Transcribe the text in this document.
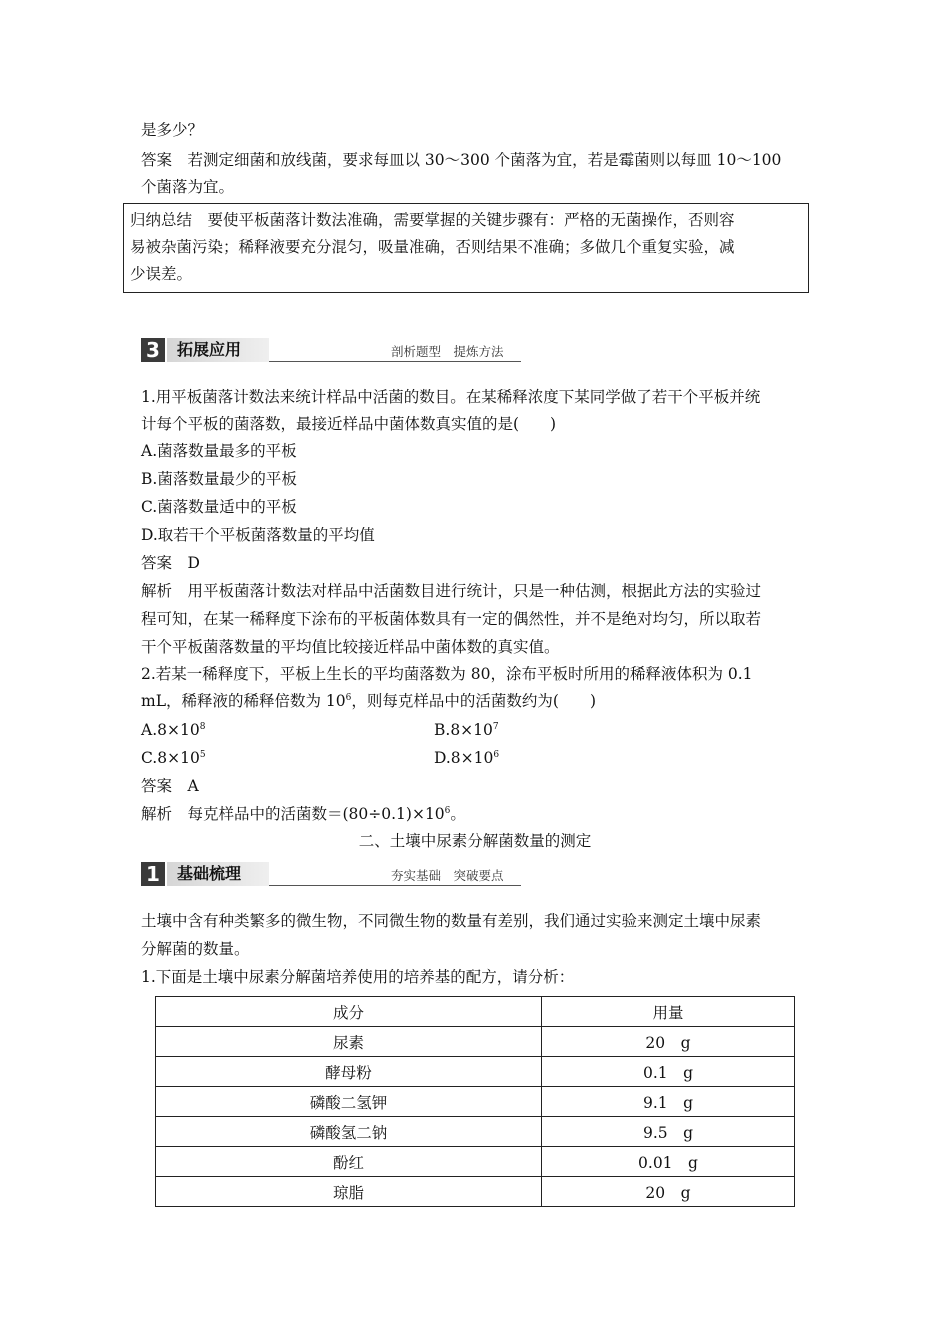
是多少？
答案　若测定细菌和放线菌，要求每皿以 30～300 个菌落为宜，若是霉菌则以每皿 10～100
个菌落为宜。
归纳总结　要使平板菌落计数法准确，需要掌握的关键步骤有：严格的无菌操作，否则容
易被杂菌污染；稀释液要充分混匀，吸量准确，否则结果不准确；多做几个重复实验，减
少误差。
3	拓展应用	剖析题型　提炼方法
1.用平板菌落计数法来统计样品中活菌的数目。在某稀释浓度下某同学做了若干个平板并统
计每个平板的菌落数，最接近样品中菌体数真实值的是(　　)
A.菌落数量最多的平板
B.菌落数量最少的平板
C.菌落数量适中的平板
D.取若干个平板菌落数量的平均值
答案　D
解析　用平板菌落计数法对样品中活菌数目进行统计，只是一种估测，根据此方法的实验过
程可知，在某一稀释度下涂布的平板菌体数具有一定的偶然性，并不是绝对均匀，所以取若
干个平板菌落数量的平均值比较接近样品中菌体数的真实值。
2.若某一稀释度下，平板上生长的平均菌落数为 80，涂布平板时所用的稀释液体积为 0.1
mL，稀释液的稀释倍数为 $10^6$，则每克样品中的活菌数约为(　　)
$A.8\times 10^8$	$B.8\times 10^7$
$C.8\times 10^5$	$D.8\times 10^6$
答案　A
解析　每克样品中的活菌数$=(80\div 0.1)\times 10^6$。
二、土壤中尿素分解菌数量的测定
1	基础梳理	夯实基础　突破要点
土壤中含有种类繁多的微生物，不同微生物的数量有差别，我们通过实验来测定土壤中尿素
分解菌的数量。
1.下面是土壤中尿素分解菌培养使用的培养基的配方，请分析：
成分	用量
尿素	20　g
酵母粉	0.1　g
磷酸二氢钾	9.1　g
磷酸氢二钠	9.5　g
酚红	0.01　g
琼脂	20　g
